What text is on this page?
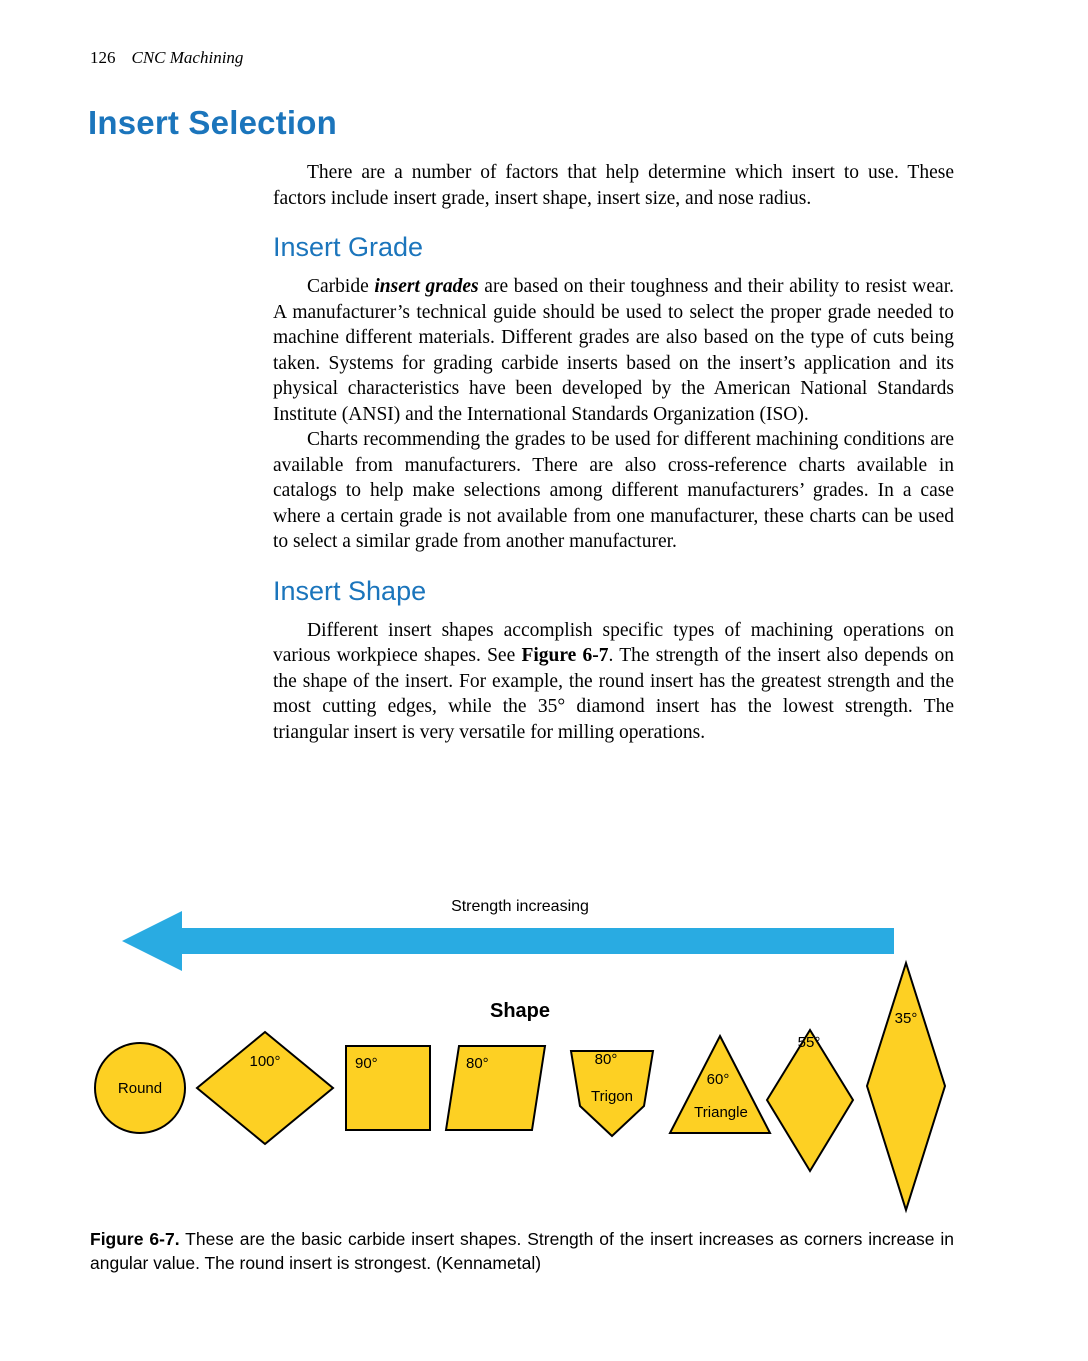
126 CNC Machining
Insert Selection

There are a number of factors that help determine which insert to use. These factors include insert grade, insert shape, insert size, and nose radius.

Insert Grade

Carbide insert grades are based on their toughness and their ability to resist wear. A manufacturer’s technical guide should be used to select the proper grade needed to machine different materials. Different grades are also based on the type of cuts being taken. Systems for grading carbide inserts based on the insert’s application and its physical characteristics have been developed by the American National Standards Institute (ANSI) and the International Standards Organization (ISO).

Charts recommending the grades to be used for different machining conditions are available from manufacturers. There are also cross-reference charts available in catalogs to help make selections among different manufacturers’ grades. In a case where a certain grade is not available from one manufacturer, these charts can be used to select a similar grade from another manufacturer.

Insert Shape

Different insert shapes accomplish specific types of machining operations on various workpiece shapes. See Figure 6-7. The strength of the insert also depends on the shape of the insert. For example, the round insert has the greatest strength and the most cutting edges, while the 35° diamond insert has the lowest strength. The triangular insert is very versatile for milling operations.

Strength increasing
Shape
Round
100°	90°	80°	80°
Trigon
60°
Triangle
55°
35°

Figure 6-7. These are the basic carbide insert shapes. Strength of the insert increases as corners increase in angular value. The round insert is strongest. (Kennametal)
